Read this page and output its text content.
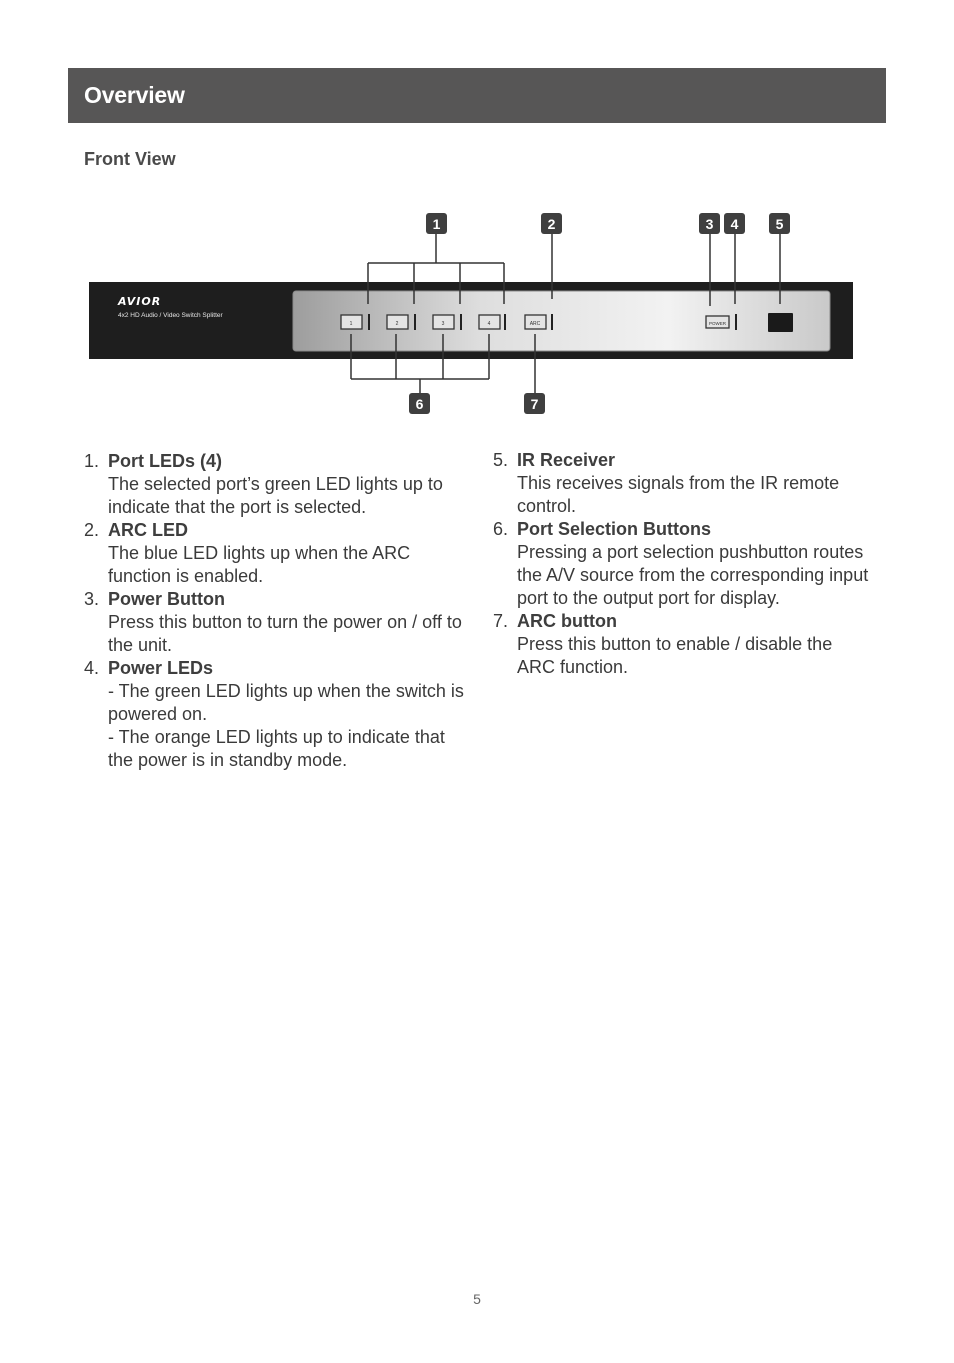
Overview
Front View
AVIOR
4x2 HD Audio / Video Switch Splitter
1	2	3	4	ARC	POWER
1	2	3 4	5
6	7
1. Port LEDs (4)
The selected port’s green LED lights up to indicate that the port is selected.
2. ARC LED
The blue LED lights up when the ARC function is enabled.
3. Power Button
Press this button to turn the power on / off to the unit.
4. Power LEDs
- The green LED lights up when the switch is powered on.
- The orange LED lights up to indicate that the power is in standby mode.
5. IR Receiver
This receives signals from the IR remote control.
6. Port Selection Buttons
Pressing a port selection pushbutton routes the A/V source from the corresponding input port to the output port for display.
7. ARC button
Press this button to enable / disable the ARC function.
5
